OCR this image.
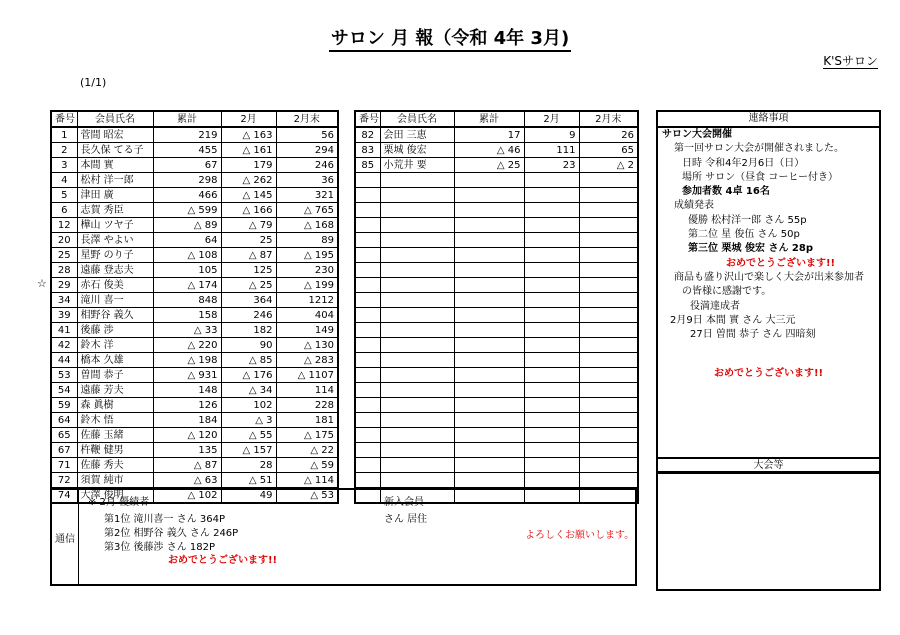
サロン 月 報（令和 4年 3月)
K'Sサロン
(1/1)
番号	会員氏名	累計	2月	2月末
1	菅間 昭宏	219	△ 163	56
2	長久保 てる子	455	△ 161	294
3	本間 實	67	179	246
4	松村 洋一郎	298	△ 262	36
5	津田 廣	466	△ 145	321
6	志賀 秀臣	△ 599	△ 166	△ 765
12	樺山 ツヤ子	△ 89	△ 79	△ 168
20	長澤 やよい	64	25	89
25	星野 のり子	△ 108	△ 87	△ 195
28	遠藤 登志夫	105	125	230
29	赤石 俊美	△ 174	△ 25	△ 199
34	滝川 喜一	848	364	1212
39	相野谷 義久	158	246	404
41	後藤 渉	△ 33	182	149
42	鈴木 洋	△ 220	90	△ 130
44	橋本 久雄	△ 198	△ 85	△ 283
53	曽間 恭子	△ 931	△ 176	△ 1107
54	遠藤 芳夫	148	△ 34	114
59	森 眞樹	126	102	228
64	鈴木 悟	184	△ 3	181
65	佐藤 玉緒	△ 120	△ 55	△ 175
67	杵鞭 健男	135	△ 157	△ 22
71	佐藤 秀夫	△ 87	28	△ 59
72	須賀 純市	△ 63	△ 51	△ 114
74	大澤 俊明	△ 102	49	△ 53
番号	会員氏名	累計	2月	2月末
82	会田 三恵	17	9	26
83	栗城 俊宏	△ 46	111	65
85	小荒井 要	△ 25	23	△ 2

☆
連絡事項
サロン大会開催
第一回サロン大会が開催されました。
日時 令和4年2月6日（日）
場所 サロン（昼食 コーヒー付き）
参加者数 4卓 16名
成績発表
優勝 松村洋一郎 さん 55p
第二位 星 俊伍 さん 50p
第三位 栗城 俊宏 さん 28p
おめでとうございます!!
商品も盛り沢山で楽しく大会が出来参加者
の皆様に感謝です。
役満達成者
2月9日 本間 實 さん 大三元
27日 曽間 恭子 さん 四暗刻
おめでとうございます!!
大会等
通信
※ 2月 優績者
第1位 滝川喜一 さん 364P
第2位 相野谷 義久 さん 246P
第3位 後藤渉 さん 182P
おめでとうございます!!
新入会員
さん 居住
よろしくお願いします。
